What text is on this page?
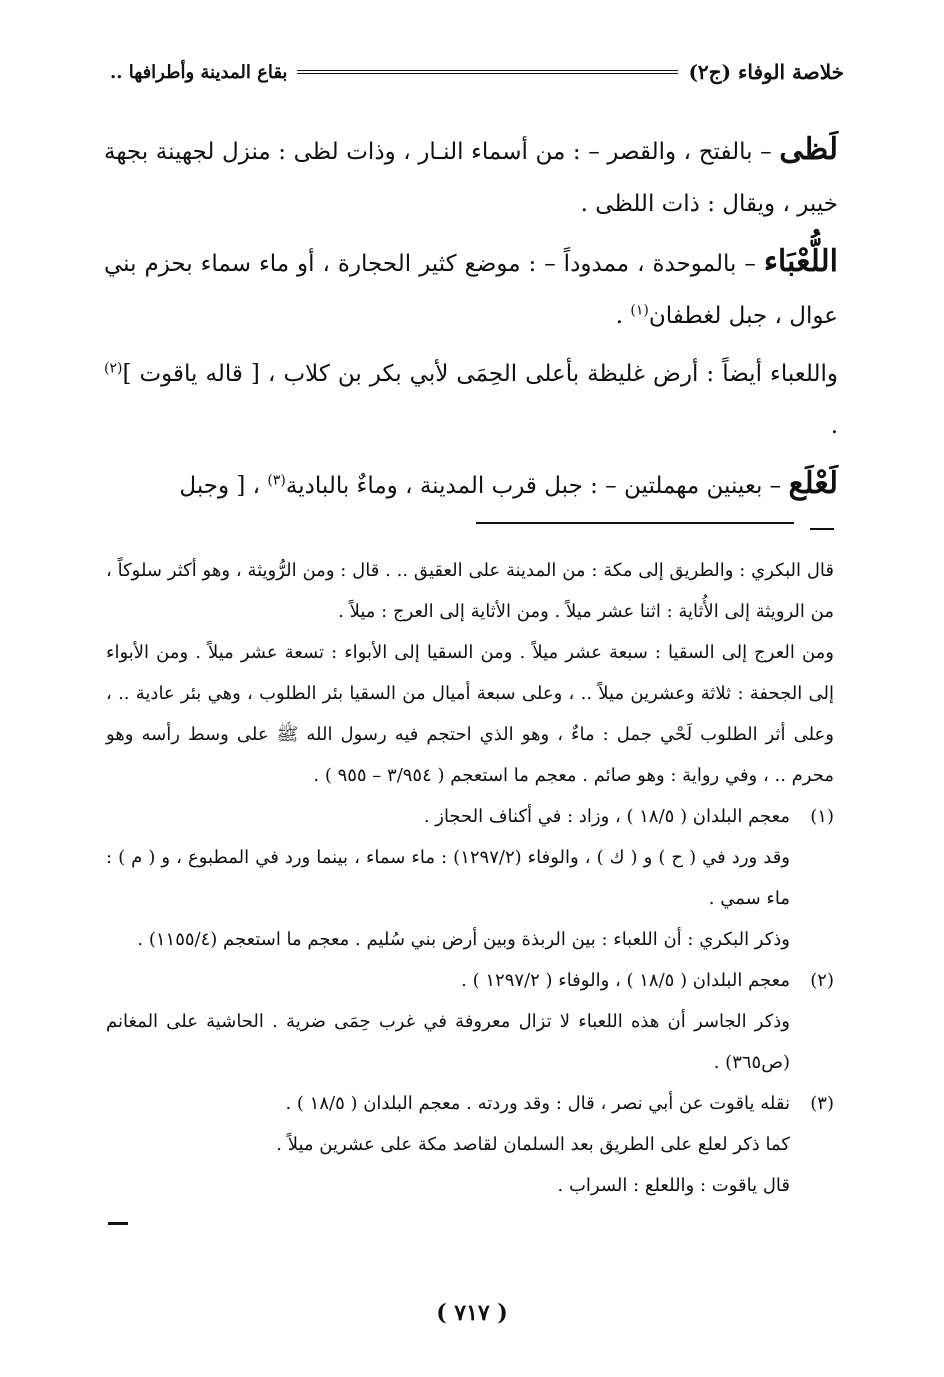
خلاصة الوفاء (ج٢)
بقاع المدينة وأطرافها ..

لَظى – بالفتح ، والقصر – : من أسماء النـار ، وذات لظى : منزل لجهينة بجهة خيبر ، ويقال : ذات اللظى .

اللُّعْبَاء – بالموحدة ، ممدوداً – : موضع كثير الحجارة ، أو ماء سماء بحزم بني عوال ، جبل لغطفان$^{(١)}$ .

واللعباء أيضاً : أرض غليظة بأعلى الحِمَى لأبي بكر بن كلاب ، [ قاله ياقوت ]$^{(٢)}$ .

لَعْلَع – بعينين مهملتين – : جبل قرب المدينة ، وماءٌ بالبادية$^{(٣)}$ ، [ وجبل

قال البكري : والطريق إلى مكة : من المدينة على العقيق .. . قال : ومن الرُّويثة ، وهو أكثر سلوكاً ، من الرويثة إلى الأُثاية : اثنا عشر ميلاً . ومن الأثاية إلى العرج : ميلاً .

ومن العرج إلى السقيا : سبعة عشر ميلاً . ومن السقيا إلى الأبواء : تسعة عشر ميلاً . ومن الأبواء إلى الجحفة : ثلاثة وعشرين ميلاً .. ، وعلى سبعة أميال من السقيا بئر الطلوب ، وهي بئر عادية .. ، وعلى أثر الطلوب لَحْي جمل : ماءٌ ، وهو الذي احتجم فيه رسول الله ﷺ على وسط رأسه وهو محرم .. ، وفي رواية : وهو صائم . معجم ما استعجم ( ٣/٩٥٤ – ٩٥٥ ) .

(١)
معجم البلدان ( ١٨/٥ ) ، وزاد : في أكناف الحجاز .

وقد ورد في ( ح ) و ( ك ) ، والوفاء (١٢٩٧/٢) : ماء سماء ، بينما ورد في المطبوع ، و ( م ) : ماء سمي .

وذكر البكري : أن اللعباء : بين الربذة وبين أرض بني سُليم . معجم ما استعجم (١١٥٥/٤) .

(٢)
معجم البلدان ( ١٨/٥ ) ، والوفاء ( ١٢٩٧/٢ ) .

وذكر الجاسر أن هذه اللعباء لا تزال معروفة في غرب حِمَى ضرية . الحاشية على المغانم (ص٣٦٥) .

(٣)
نقله ياقوت عن أبي نصر ، قال : وقد وردته . معجم البلدان ( ١٨/٥ ) .

كما ذكر لعلع على الطريق بعد السلمان لقاصد مكة على عشرين ميلاً .

قال ياقوت : واللعلع : السراب .

( ٧١٧ )
